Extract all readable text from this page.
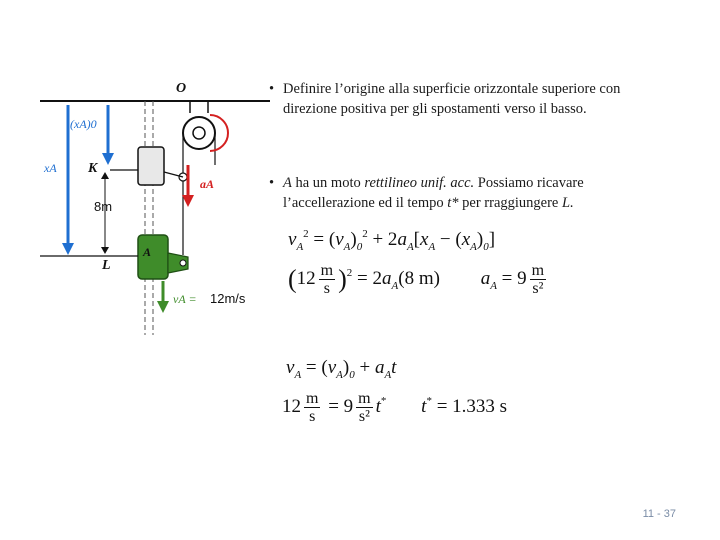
• Definire l’origine alla superficie orizzontale superiore con
direzione positiva per gli spostamenti verso il basso.
• A ha un moto rettilineo unif. acc. Possiamo ricavare
l’accellerazione ed il tempo t* per rraggiungere L.
O
(xA)0
xA K
aA
8m
L
A
vA = 12m/s
$v_A^2 = (v_A)_0^2 + 2a_A[x_A - (x_A)_0]$
$(12 \frac{m}{s} )^2 = 2a_A(8$ m) $a_A = 9 \frac{m}{\text{s²}}$
$v_A = (v_A)_0 + a_At$
$12 \frac{m}{s} = 9 \frac{m}{\text{s²}} t^*$ t* = 1.333 s
11 - 37
